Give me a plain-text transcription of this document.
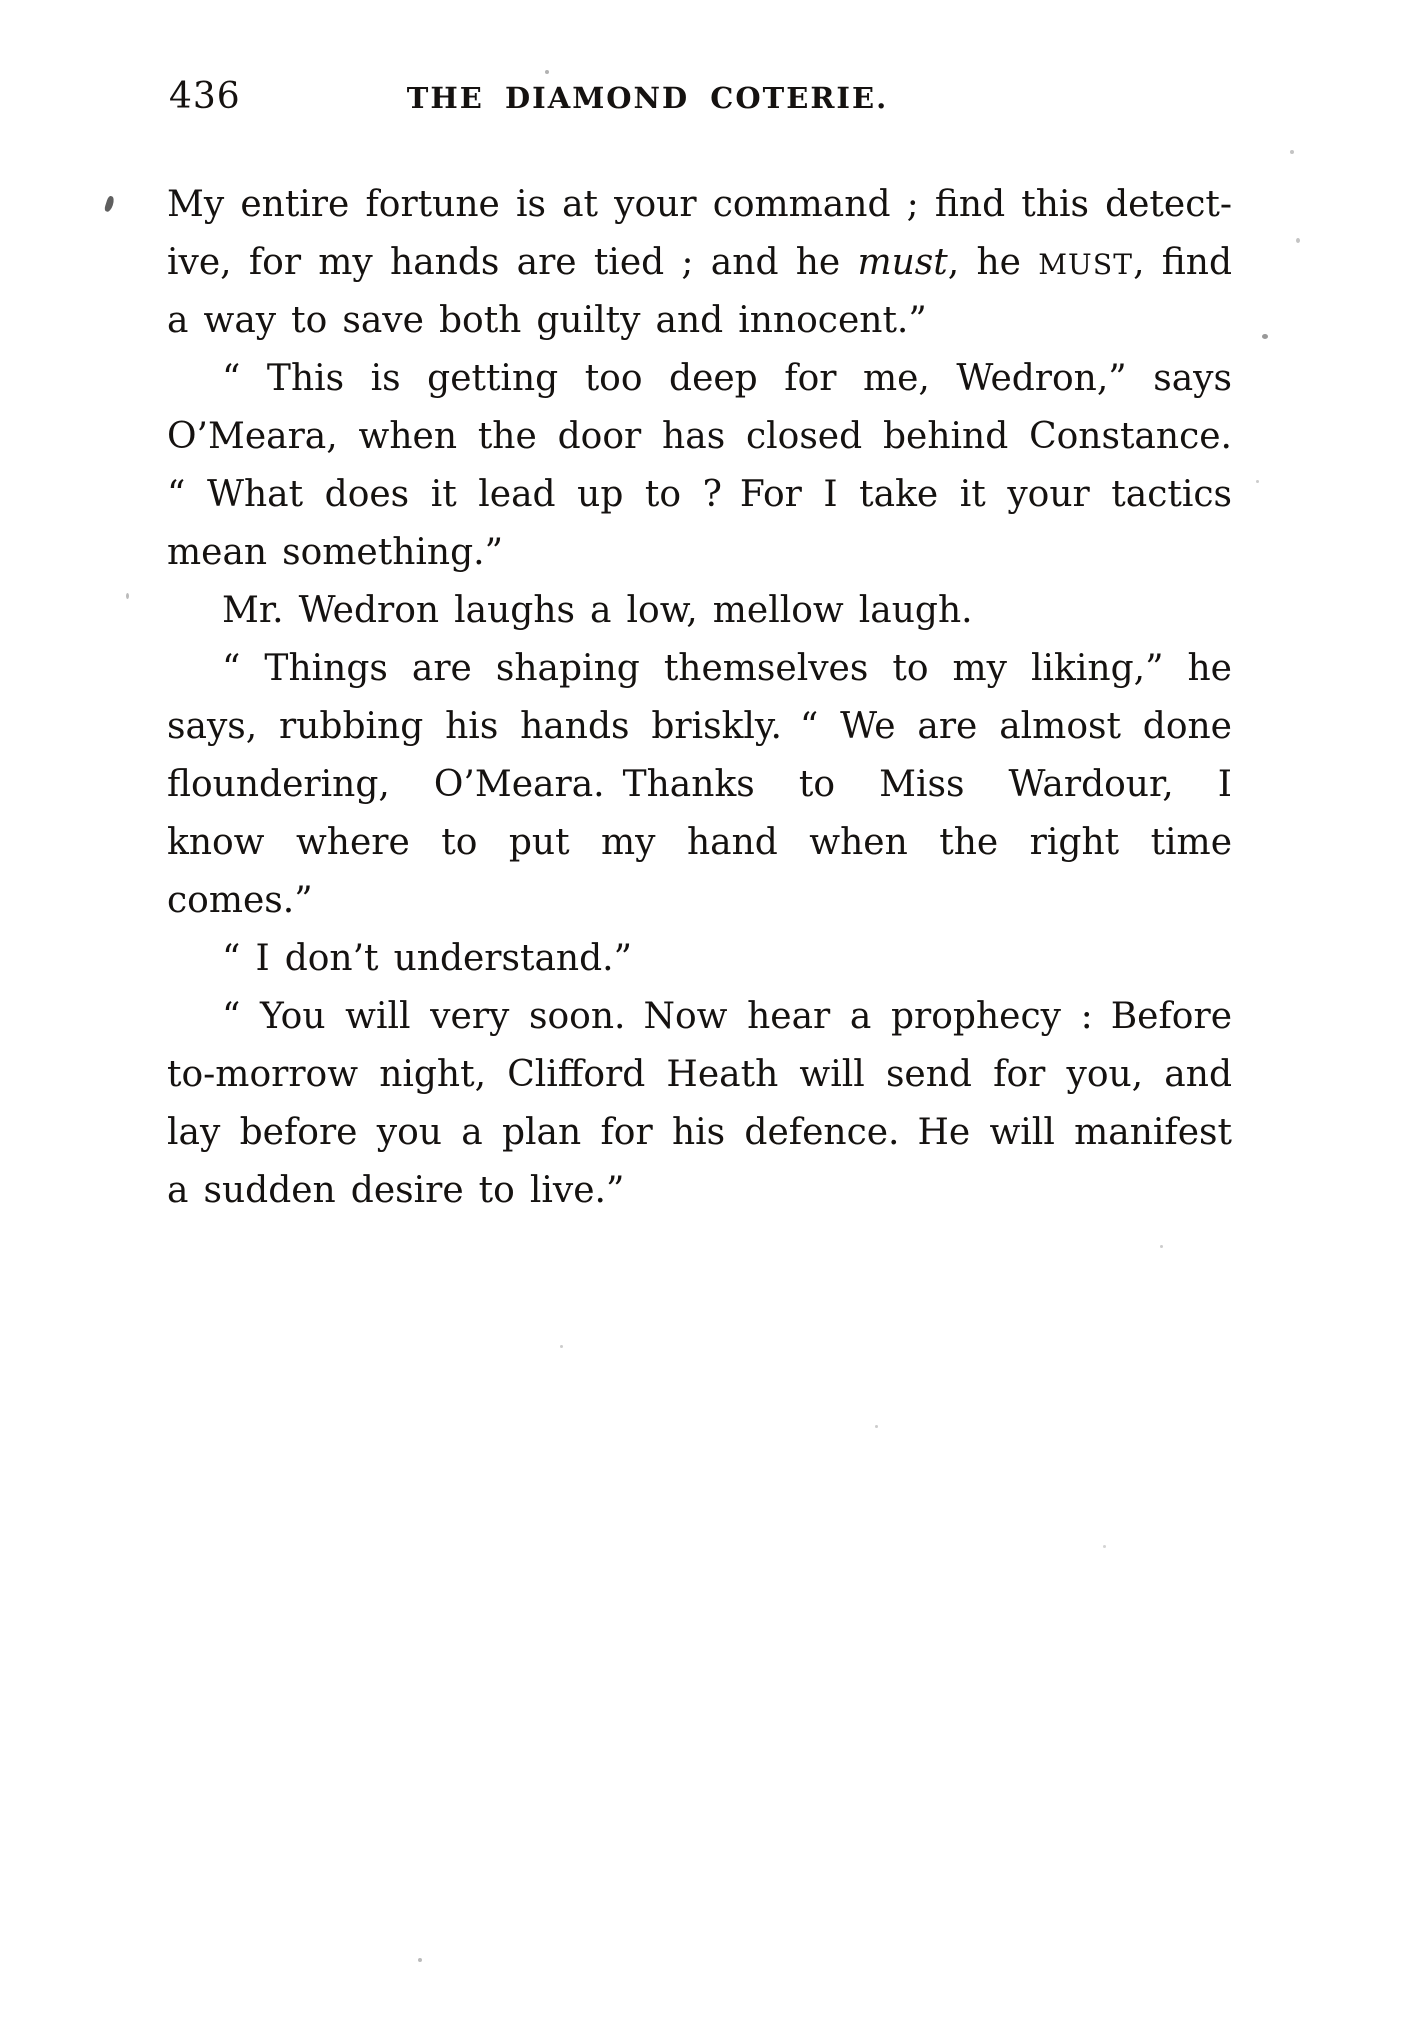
436	THE DIAMOND COTERIE.
My entire fortune is at your command ; find this detect-
ive, for my hands are tied ; and he must, he MUST, find
a way to save both guilty and innocent.”
“ This is getting too deep for me, Wedron,” says
O’Meara, when the door has closed behind Constance.
“ What does it lead up to ? For I take it your tactics
mean something.”
Mr. Wedron laughs a low, mellow laugh.
“ Things are shaping themselves to my liking,” he
says, rubbing his hands briskly. “ We are almost done
floundering, O’Meara. Thanks to Miss Wardour, I
know where to put my hand when the right time
comes.”
“ I don’t understand.”
“ You will very soon. Now hear a prophecy : Before
to-morrow night, Clifford Heath will send for you, and
lay before you a plan for his defence. He will manifest
a sudden desire to live.”
